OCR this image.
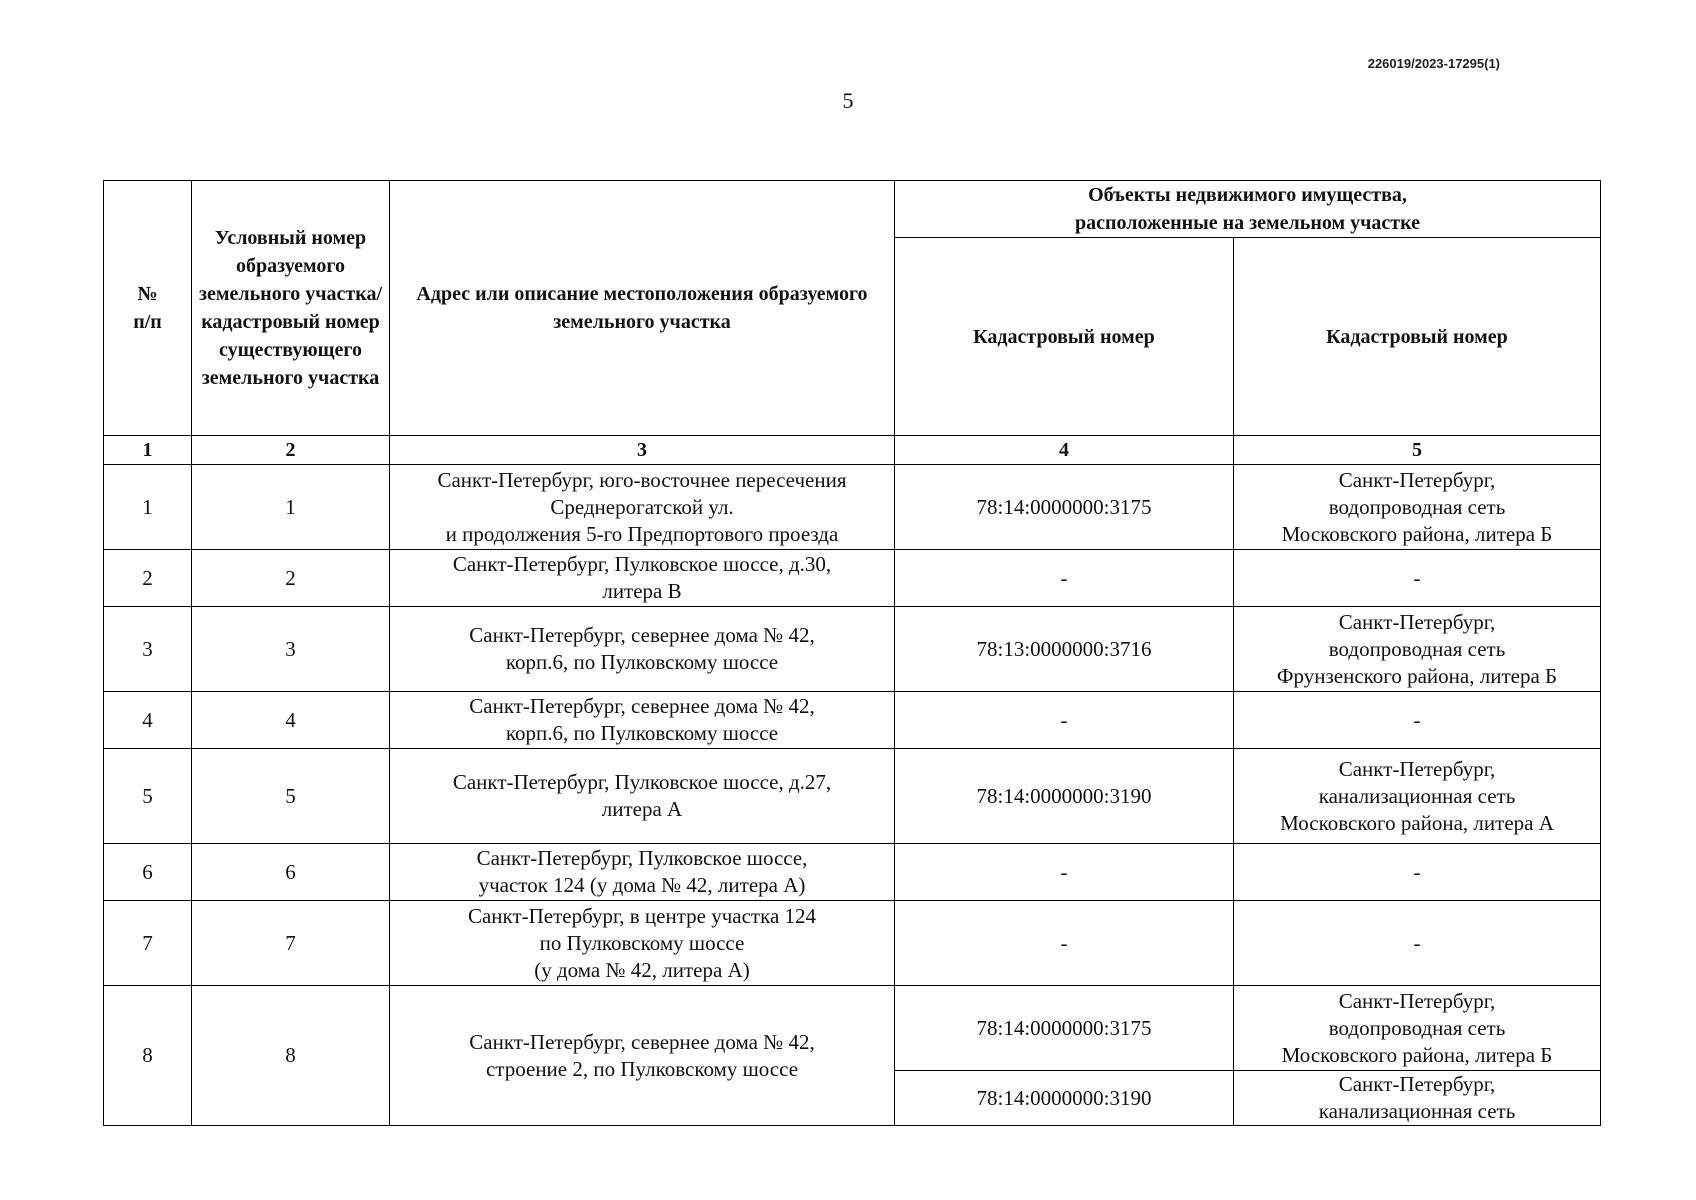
226019/2023-17295(1)
5
№
п/п	Условный номер образуемого земельного участка/ кадастровый номер существующего земельного участка	Адрес или описание местоположения образуемого земельного участка	Объекты недвижимого имущества,
расположенные на земельном участке	
			Кадастровый номер	Кадастровый номер
1	2	3	4	5
1	1	Санкт-Петербург, юго-восточнее пересечения
Среднерогатской ул.
и продолжения 5-го Предпортового проезда	78:14:0000000:3175	Санкт-Петербург,
водопроводная сеть
Московского района, литера Б
2	2	Санкт-Петербург, Пулковское шоссе, д.30,
литера В	-	-
3	3	Санкт-Петербург, севернее дома № 42,
корп.6, по Пулковскому шоссе	78:13:0000000:3716	Санкт-Петербург,
водопроводная сеть
Фрунзенского района, литера Б
4	4	Санкт-Петербург, севернее дома № 42,
корп.6, по Пулковскому шоссе	-	-
5	5	Санкт-Петербург, Пулковское шоссе, д.27,
литера А	78:14:0000000:3190	Санкт-Петербург,
канализационная сеть
Московского района, литера А
6	6	Санкт-Петербург, Пулковское шоссе,
участок 124 (у дома № 42, литера А)	-	-
7	7	Санкт-Петербург, в центре участка 124
по Пулковскому шоссе
(у дома № 42, литера А)	-	-
8	8	Санкт-Петербург, севернее дома № 42,
строение 2, по Пулковскому шоссе	78:14:0000000:3175	Санкт-Петербург,
водопроводная сеть
Московского района, литера Б
			78:14:0000000:3190	Санкт-Петербург,
канализационная сеть
